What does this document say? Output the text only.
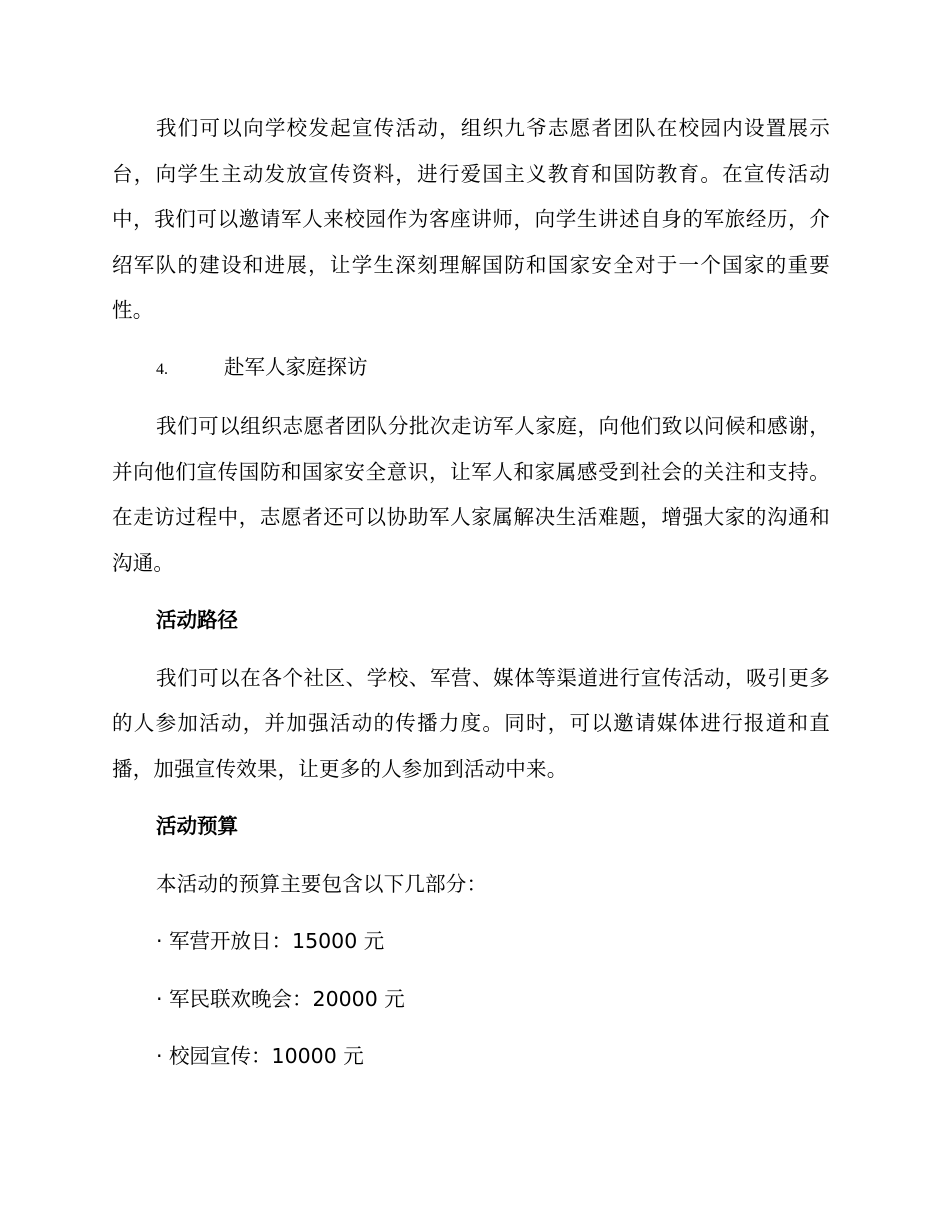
我们可以向学校发起宣传活动，组织九爷志愿者团队在校园内设置展示台，向学生主动发放宣传资料，进行爱国主义教育和国防教育。在宣传活动中，我们可以邀请军人来校园作为客座讲师，向学生讲述自身的军旅经历，介绍军队的建设和进展，让学生深刻理解国防和国家安全对于一个国家的重要性。

4.	赴军人家庭探访

我们可以组织志愿者团队分批次走访军人家庭，向他们致以问候和感谢，并向他们宣传国防和国家安全意识，让军人和家属感受到社会的关注和支持。在走访过程中，志愿者还可以协助军人家属解决生活难题，增强大家的沟通和沟通。

活动路径

我们可以在各个社区、学校、军营、媒体等渠道进行宣传活动，吸引更多的人参加活动，并加强活动的传播力度。同时，可以邀请媒体进行报道和直播，加强宣传效果，让更多的人参加到活动中来。

活动预算

本活动的预算主要包含以下几部分：

· 军营开放日：15000 元
· 军民联欢晚会：20000 元
· 校园宣传：10000 元
